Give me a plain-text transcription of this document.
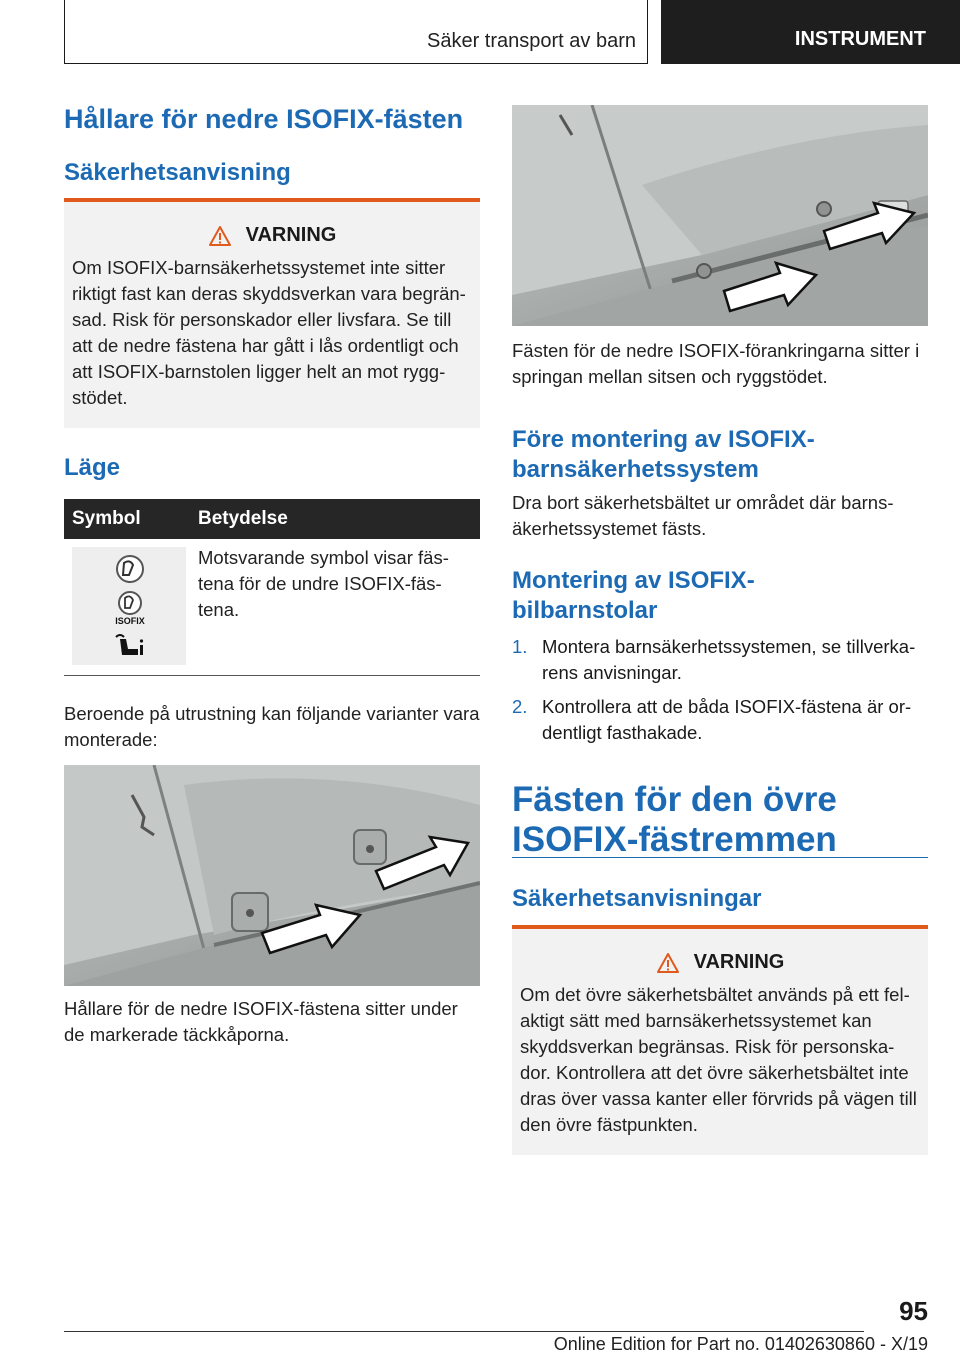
Säker transport av barn	INSTRUMENT
Hållare för nedre ISOFIX-fästen
Säkerhetsanvisning
VARNING

Om ISOFIX-barnsäkerhetssystemet inte sitter riktigt fast kan deras skyddsverkan vara begrän-sad. Risk för personskador eller livsfara. Se till att de nedre fästena har gått i lås ordentligt och att ISOFIX-barnstolen ligger helt an mot rygg-stödet.

Läge
Symbol	Betydelse
ISOFIX

Motsvarande symbol visar fäs-tena för de undre ISOFIX-fäs-tena.

Beroende på utrustning kan följande varianter vara monterade:

Hållare för de nedre ISOFIX-fästena sitter under de markerade täckkåporna.

Fästen för de nedre ISOFIX-förankringarna sitter i springan mellan sitsen och ryggstödet.

Före montering av ISOFIX-barnsäkerhetssystem

Dra bort säkerhetsbältet ur området där barns-äkerhetssystemet fästs.

Montering av ISOFIX-bilbarnstolar
1. Montera barnsäkerhetssystemen, se tillverka-rens anvisningar.
2. Kontrollera att de båda ISOFIX-fästena är or-dentligt fasthakade.
Fästen för den övre ISOFIX-fästremmen
Säkerhetsanvisningar
VARNING

Om det övre säkerhetsbältet används på ett fel-aktigt sätt med barnsäkerhetssystemet kan skyddsverkan begränsas. Risk för personska-dor. Kontrollera att det övre säkerhetsbältet inte dras över vassa kanter eller förvrids på vägen till den övre fästpunkten.

95
Online Edition for Part no. 01402630860 - X/19
